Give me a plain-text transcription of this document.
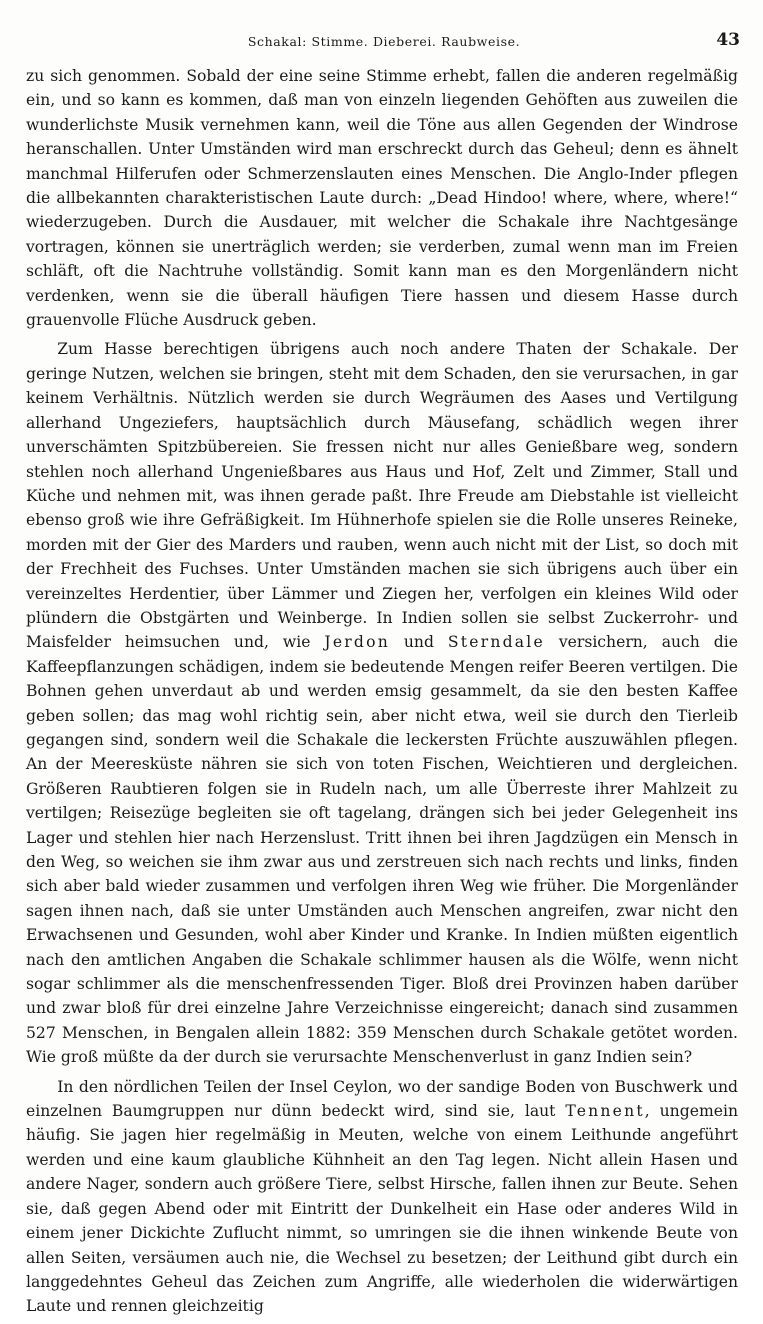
Schakal: Stimme. Dieberei. Raubweise.	43

zu sich genommen. Sobald der eine seine Stimme erhebt, fallen die anderen regelmäßig ein, und so kann es kommen, daß man von einzeln liegenden Gehöften aus zuweilen die wunderlichste Musik vernehmen kann, weil die Töne aus allen Gegenden der Windrose heranschallen. Unter Umständen wird man erschreckt durch das Geheul; denn es ähnelt manchmal Hilferufen oder Schmerzenslauten eines Menschen. Die Anglo-Inder pflegen die allbekannten charakteristischen Laute durch: „Dead Hindoo! where, where, where!“ wiederzugeben. Durch die Ausdauer, mit welcher die Schakale ihre Nachtgesänge vortragen, können sie unerträglich werden; sie verderben, zumal wenn man im Freien schläft, oft die Nachtruhe vollständig. Somit kann man es den Morgenländern nicht verdenken, wenn sie die überall häufigen Tiere hassen und diesem Hasse durch grauenvolle Flüche Ausdruck geben.

Zum Hasse berechtigen übrigens auch noch andere Thaten der Schakale. Der geringe Nutzen, welchen sie bringen, steht mit dem Schaden, den sie verursachen, in gar keinem Verhältnis. Nützlich werden sie durch Wegräumen des Aases und Vertilgung allerhand Ungeziefers, hauptsächlich durch Mäusefang, schädlich wegen ihrer unverschämten Spitzbübereien. Sie fressen nicht nur alles Genießbare weg, sondern stehlen noch allerhand Ungenießbares aus Haus und Hof, Zelt und Zimmer, Stall und Küche und nehmen mit, was ihnen gerade paßt. Ihre Freude am Diebstahle ist vielleicht ebenso groß wie ihre Gefräßigkeit. Im Hühnerhofe spielen sie die Rolle unseres Reineke, morden mit der Gier des Marders und rauben, wenn auch nicht mit der List, so doch mit der Frechheit des Fuchses. Unter Umständen machen sie sich übrigens auch über ein vereinzeltes Herdentier, über Lämmer und Ziegen her, verfolgen ein kleines Wild oder plündern die Obstgärten und Weinberge. In Indien sollen sie selbst Zuckerrohr- und Maisfelder heimsuchen und, wie Jerdon und Sterndale versichern, auch die Kaffeepflanzungen schädigen, indem sie bedeutende Mengen reifer Beeren vertilgen. Die Bohnen gehen unverdaut ab und werden emsig gesammelt, da sie den besten Kaffee geben sollen; das mag wohl richtig sein, aber nicht etwa, weil sie durch den Tierleib gegangen sind, sondern weil die Schakale die leckersten Früchte auszuwählen pflegen. An der Meeresküste nähren sie sich von toten Fischen, Weichtieren und dergleichen. Größeren Raubtieren folgen sie in Rudeln nach, um alle Überreste ihrer Mahlzeit zu vertilgen; Reisezüge begleiten sie oft tagelang, drängen sich bei jeder Gelegenheit ins Lager und stehlen hier nach Herzenslust. Tritt ihnen bei ihren Jagdzügen ein Mensch in den Weg, so weichen sie ihm zwar aus und zerstreuen sich nach rechts und links, finden sich aber bald wieder zusammen und verfolgen ihren Weg wie früher. Die Morgenländer sagen ihnen nach, daß sie unter Umständen auch Menschen angreifen, zwar nicht den Erwachsenen und Gesunden, wohl aber Kinder und Kranke. In Indien müßten eigentlich nach den amtlichen Angaben die Schakale schlimmer hausen als die Wölfe, wenn nicht sogar schlimmer als die menschenfressenden Tiger. Bloß drei Provinzen haben darüber und zwar bloß für drei einzelne Jahre Verzeichnisse eingereicht; danach sind zusammen 527 Menschen, in Bengalen allein 1882: 359 Menschen durch Schakale getötet worden. Wie groß müßte da der durch sie verursachte Menschenverlust in ganz Indien sein?

In den nördlichen Teilen der Insel Ceylon, wo der sandige Boden von Buschwerk und einzelnen Baumgruppen nur dünn bedeckt wird, sind sie, laut Tennent, ungemein häufig. Sie jagen hier regelmäßig in Meuten, welche von einem Leithunde angeführt werden und eine kaum glaubliche Kühnheit an den Tag legen. Nicht allein Hasen und andere Nager, sondern auch größere Tiere, selbst Hirsche, fallen ihnen zur Beute. Sehen sie, daß gegen Abend oder mit Eintritt der Dunkelheit ein Hase oder anderes Wild in einem jener Dickichte Zuflucht nimmt, so umringen sie die ihnen winkende Beute von allen Seiten, versäumen auch nie, die Wechsel zu besetzen; der Leithund gibt durch ein langgedehntes Geheul das Zeichen zum Angriffe, alle wiederholen die widerwärtigen Laute und rennen gleichzeitig
